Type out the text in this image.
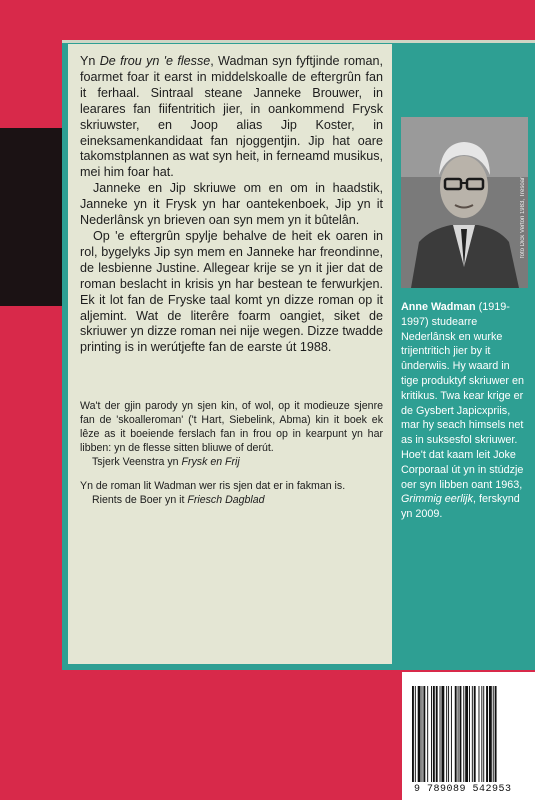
Yn De frou yn 'e flesse, Wadman syn fyftjinde roman, foarmet foar it earst in middelskoalle de eftergrûn fan it ferhaal. Sintraal steane Janneke Brouwer, in learares fan fiifentritich jier, in oankommend Frysk skriuwster, en Joop alias Jip Koster, in eineksamenkandidaat fan njoggentjin. Jip hat oare takomstplannen as wat syn heit, in ferneamd musikus, mei him foar hat.

Janneke en Jip skriuwe om en om in haadstik, Janneke yn it Frysk yn har oantekenboek, Jip yn it Nederlânsk yn brieven oan syn mem yn it bûtelân.

Op 'e eftergrûn spylje behalve de heit ek oaren in rol, bygelyks Jip syn mem en Janneke har freondinne, de lesbienne Justine. Allegear krije se yn it jier dat de roman beslacht in krisis yn har bestean te ferwurkjen. Ek it lot fan de Fryske taal komt yn dizze roman op it aljemint. Wat de literêre foarm oangiet, siket de skriuwer yn dizze roman nei nije wegen. Dizze twadde printing is in werútjefte fan de earste út 1988.

Wa't der gjin parody yn sjen kin, of wol, op it modieuze sjenre fan de 'skoalleroman' ('t Hart, Siebelink, Abma) kin it boek ek lêze as it boeiende ferslach fan in frou op in kearpunt yn har libben: yn de flesse sitten bliuwe of derút.

Tsjerk Veenstra yn Frysk en Frij

Yn de roman lit Wadman wer ris sjen dat er in fakman is.

Rients de Boer yn it Friesch Dagblad

foto Dick Verton 1983, Tresoar
Anne Wadman (1919-1997) studearre Nederlânsk en wurke trijentritich jier by it ûnderwiis. Hy waard in tige produktyf skriuwer en kritikus. Twa kear krige er de Gysbert Japicxpriis, mar hy seach himsels net as in suksesfol skriuwer. Hoe't dat kaam leit Joke Corporaal út yn in stúdzje oer syn libben oant 1963, Grimmig eerlijk, ferskynd yn 2009.
9 789089 542953
